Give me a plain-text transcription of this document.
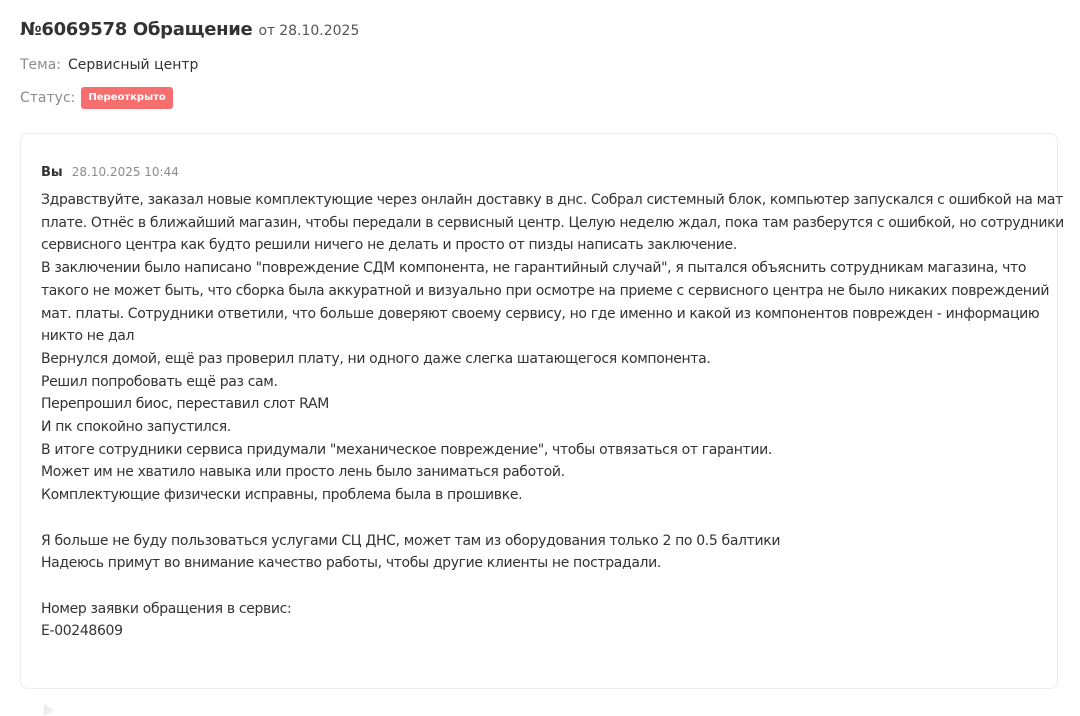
№6069578 Обращение от 28.10.2025
Тема: Сервисный центр
Статус:	Переоткрыто
Вы 28.10.2025 10:44
Здравствуйте, заказал новые комплектующие через онлайн доставку в днс. Собрал системный блок, компьютер запускался с ошибкой на мат
плате. Отнёс в ближайший магазин, чтобы передали в сервисный центр. Целую неделю ждал, пока там разберутся с ошибкой, но сотрудники
сервисного центра как будто решили ничего не делать и просто от пизды написать заключение.
В заключении было написано "повреждение СДМ компонента, не гарантийный случай", я пытался объяснить сотрудникам магазина, что
такого не может быть, что сборка была аккуратной и визуально при осмотре на приеме с сервисного центра не было никаких повреждений
мат. платы. Сотрудники ответили, что больше доверяют своему сервису, но где именно и какой из компонентов поврежден - информацию
никто не дал
Вернулся домой, ещё раз проверил плату, ни одного даже слегка шатающегося компонента.
Решил попробовать ещё раз сам.
Перепрошил биос, переставил слот RAM
И пк спокойно запустился.
В итоге сотрудники сервиса придумали "механическое повреждение", чтобы отвязаться от гарантии.
Может им не хватило навыка или просто лень было заниматься работой.
Комплектующие физически исправны, проблема была в прошивке.
Я больше не буду пользоваться услугами СЦ ДНС, может там из оборудования только 2 по 0.5 балтики
Надеюсь примут во внимание качество работы, чтобы другие клиенты не пострадали.
Номер заявки обращения в сервис:
E-00248609
